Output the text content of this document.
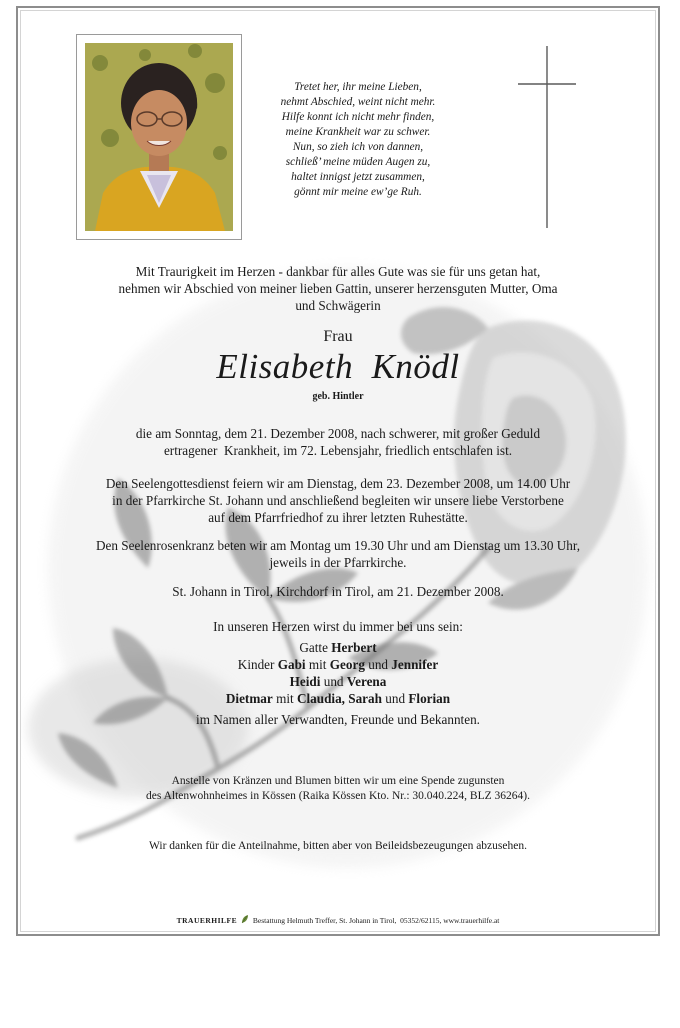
Tretet her, ihr meine Lieben,
nehmt Abschied, weint nicht mehr.
Hilfe konnt ich nicht mehr finden,
meine Krankheit war zu schwer.
Nun, so zieh ich von dannen,
schließ’ meine müden Augen zu,
haltet innigst jetzt zusammen,
gönnt mir meine ew’ge Ruh.
Mit Traurigkeit im Herzen - dankbar für alles Gute was sie für uns getan hat,
nehmen wir Abschied von meiner lieben Gattin, unserer herzensguten Mutter, Oma
und Schwägerin
Frau
Elisabeth  Knödl
geb. Hintler
die am Sonntag, dem 21. Dezember 2008, nach schwerer, mit großer Geduld
ertragener  Krankheit, im 72. Lebensjahr, friedlich entschlafen ist.
Den Seelengottesdienst feiern wir am Dienstag, dem 23. Dezember 2008, um 14.00 Uhr
in der Pfarrkirche St. Johann und anschließend begleiten wir unsere liebe Verstorbene
auf dem Pfarrfriedhof zu ihrer letzten Ruhestätte.
Den Seelenrosenkranz beten wir am Montag um 19.30 Uhr und am Dienstag um 13.30 Uhr,
jeweils in der Pfarrkirche.
St. Johann in Tirol, Kirchdorf in Tirol, am 21. Dezember 2008.
In unseren Herzen wirst du immer bei uns sein:
Gatte Herbert
Kinder Gabi mit Georg und Jennifer
Heidi und Verena
Dietmar mit Claudia, Sarah und Florian
im Namen aller Verwandten, Freunde und Bekannten.
Anstelle von Kränzen und Blumen bitten wir um eine Spende zugunsten
des Altenwohnheimes in Kössen (Raika Kössen Kto. Nr.: 30.040.224, BLZ 36264).
Wir danken für die Anteilnahme, bitten aber von Beileidsbezeugungen abzusehen.
TRAUERHILFE Bestattung Helmuth Treffer, St. Johann in Tirol,  05352/62115, www.trauerhilfe.at
